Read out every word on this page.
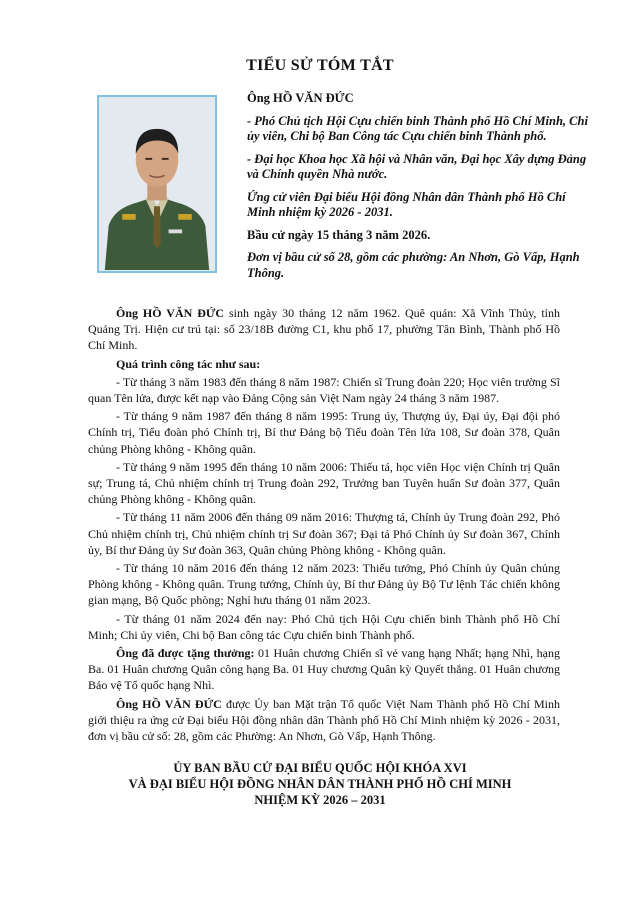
TIỂU SỬ TÓM TẮT

Ông HỒ VĂN ĐỨC

- Phó Chủ tịch Hội Cựu chiến binh Thành phố Hồ Chí Minh, Chi ủy viên, Chi bộ Ban Công tác Cựu chiến binh Thành phố.

- Đại học Khoa học Xã hội và Nhân văn, Đại học Xây dựng Đảng và Chính quyền Nhà nước.

Ứng cử viên Đại biểu Hội đồng Nhân dân Thành phố Hồ Chí Minh nhiệm kỳ 2026 - 2031.

Bầu cử ngày 15 tháng 3 năm 2026.

Đơn vị bầu cử số 28, gồm các phường: An Nhơn, Gò Vấp, Hạnh Thông.

Ông HỒ VĂN ĐỨC sinh ngày 30 tháng 12 năm 1962. Quê quán: Xã Vĩnh Thủy, tỉnh Quảng Trị. Hiện cư trú tại: số 23/18B đường C1, khu phố 17, phường Tân Bình, Thành phố Hồ Chí Minh.

Quá trình công tác như sau:

- Từ tháng 3 năm 1983 đến tháng 8 năm 1987: Chiến sĩ Trung đoàn 220; Học viên trường Sĩ quan Tên lửa, được kết nạp vào Đảng Cộng sản Việt Nam ngày 24 tháng 3 năm 1987.

- Từ tháng 9 năm 1987 đến tháng 8 năm 1995: Trung úy, Thượng úy, Đại úy, Đại đội phó Chính trị, Tiểu đoàn phó Chính trị, Bí thư Đảng bộ Tiểu đoàn Tên lửa 108, Sư đoàn 378, Quân chủng Phòng không - Không quân.

- Từ tháng 9 năm 1995 đến tháng 10 năm 2006: Thiếu tá, học viên Học viện Chính trị Quân sự; Trung tá, Chủ nhiệm chính trị Trung đoàn 292, Trưởng ban Tuyên huấn Sư đoàn 377, Quân chủng Phòng không - Không quân.

- Từ tháng 11 năm 2006 đến tháng 09 năm 2016: Thượng tá, Chính ủy Trung đoàn 292, Phó Chủ nhiệm chính trị, Chủ nhiệm chính trị Sư đoàn 367; Đại tá Phó Chính ủy Sư đoàn 367, Chính ủy, Bí thư Đảng ủy Sư đoàn 363, Quân chủng Phòng không - Không quân.

- Từ tháng 10 năm 2016 đến tháng 12 năm 2023: Thiếu tướng, Phó Chính ủy Quân chủng Phòng không - Không quân. Trung tướng, Chính ủy, Bí thư Đảng ủy Bộ Tư lệnh Tác chiến không gian mạng, Bộ Quốc phòng; Nghỉ hưu tháng 01 năm 2023.

- Từ tháng 01 năm 2024 đến nay: Phó Chủ tịch Hội Cựu chiến binh Thành phố Hồ Chí Minh; Chi ủy viên, Chi bộ Ban công tác Cựu chiến binh Thành phố.

Ông đã được tặng thưởng: 01 Huân chương Chiến sĩ vẻ vang hạng Nhất; hạng Nhì, hạng Ba. 01 Huân chương Quân công hạng Ba. 01 Huy chương Quân kỳ Quyết thắng. 01 Huân chương Bảo vệ Tổ quốc hạng Nhì.

Ông HỒ VĂN ĐỨC được Ủy ban Mặt trận Tổ quốc Việt Nam Thành phố Hồ Chí Minh giới thiệu ra ứng cử Đại biểu Hội đồng nhân dân Thành phố Hồ Chí Minh nhiệm kỳ 2026 - 2031, đơn vị bầu cử số: 28, gồm các Phường: An Nhơn, Gò Vấp, Hạnh Thông.

ỦY BAN BẦU CỬ ĐẠI BIỂU QUỐC HỘI KHÓA XVI
VÀ ĐẠI BIỂU HỘI ĐỒNG NHÂN DÂN THÀNH PHỐ HỒ CHÍ MINH
NHIỆM KỲ 2026 – 2031
